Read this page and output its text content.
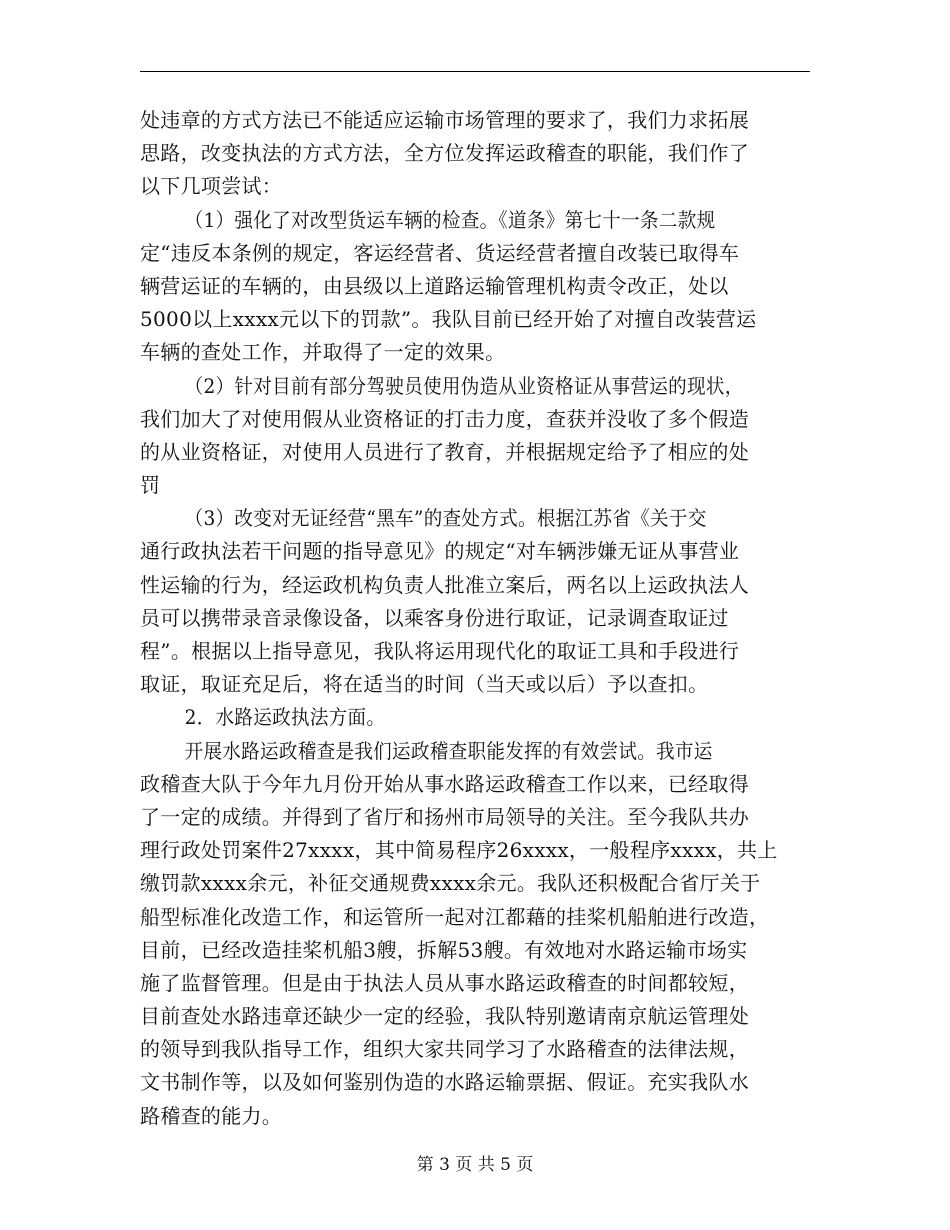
处违章的方式方法已不能适应运输市场管理的要求了，我们力求拓展
思路，改变执法的方式方法，全方位发挥运政稽查的职能，我们作了
以下几项尝试：
（1）强化了对改型货运车辆的检查。《道条》第七十一条二款规
定“违反本条例的规定，客运经营者、货运经营者擅自改装已取得车
辆营运证的车辆的，由县级以上道路运输管理机构责令改正，处以
5000以上xxxx元以下的罚款”。我队目前已经开始了对擅自改装营运
车辆的查处工作，并取得了一定的效果。
（2）针对目前有部分驾驶员使用伪造从业资格证从事营运的现状，
我们加大了对使用假从业资格证的打击力度，查获并没收了多个假造
的从业资格证，对使用人员进行了教育，并根据规定给予了相应的处
罚
（3）改变对无证经营“黑车”的查处方式。根据江苏省《关于交
通行政执法若干问题的指导意见》的规定“对车辆涉嫌无证从事营业
性运输的行为，经运政机构负责人批准立案后，两名以上运政执法人
员可以携带录音录像设备，以乘客身份进行取证，记录调查取证过
程”。根据以上指导意见，我队将运用现代化的取证工具和手段进行
取证，取证充足后，将在适当的时间（当天或以后）予以查扣。
2．水路运政执法方面。
开展水路运政稽查是我们运政稽查职能发挥的有效尝试。我市运
政稽查大队于今年九月份开始从事水路运政稽查工作以来，已经取得
了一定的成绩。并得到了省厅和扬州市局领导的关注。至今我队共办
理行政处罚案件27xxxx，其中简易程序26xxxx，一般程序xxxx，共上
缴罚款xxxx余元，补征交通规费xxxx余元。我队还积极配合省厅关于
船型标准化改造工作，和运管所一起对江都藉的挂桨机船舶进行改造，
目前，已经改造挂桨机船3艘，拆解53艘。有效地对水路运输市场实
施了监督管理。但是由于执法人员从事水路运政稽查的时间都较短，
目前查处水路违章还缺少一定的经验，我队特别邀请南京航运管理处
的领导到我队指导工作，组织大家共同学习了水路稽查的法律法规，
文书制作等，以及如何鉴别伪造的水路运输票据、假证。充实我队水
路稽查的能力。
第 3 页 共 5 页
